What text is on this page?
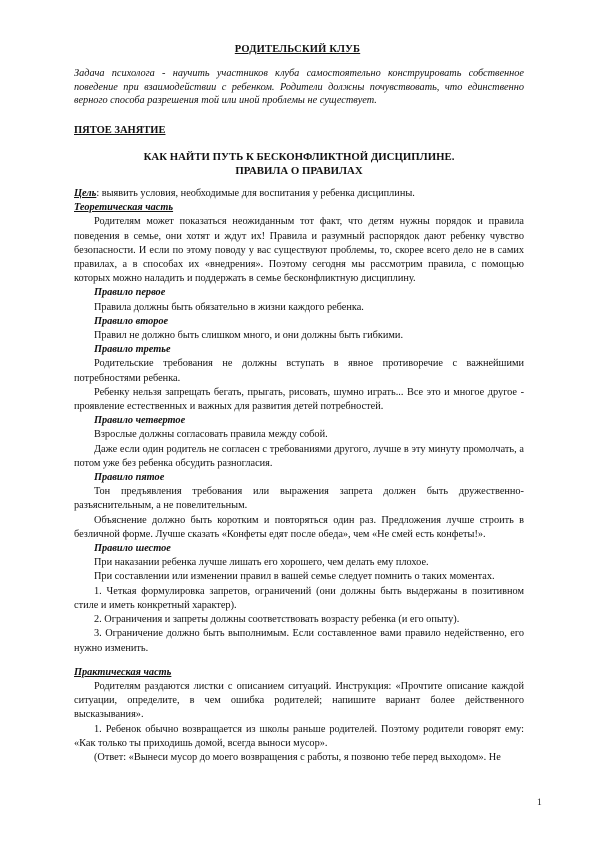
РОДИТЕЛЬСКИЙ КЛУБ
Задача психолога - научить участников клуба самостоятельно конструировать собственное поведение при взаимодействии с ребенком. Родители должны почувствовать, что единственно верного способа разрешения той или иной проблемы не существует.
ПЯТОЕ ЗАНЯТИЕ
КАК НАЙТИ ПУТЬ К БЕСКОНФЛИКТНОЙ ДИСЦИПЛИНЕ.
ПРАВИЛА О ПРАВИЛАХ

Цель: выявить условия, необходимые для воспитания у ребенка дисциплины.

Теоретическая часть

Родителям может показаться неожиданным тот факт, что детям нужны порядок и правила поведения в семье, они хотят и ждут их! Правила и разумный распорядок дают ребенку чувство безопасности. И если по этому поводу у вас существуют проблемы, то, скорее всего дело не в самих правилах, а в способах их «внедрения». Поэтому сегодня мы рассмотрим правила, с помощью которых можно наладить и поддержать в семье бесконфликтную дисциплину.

Правило первое

Правила должны быть обязательно в жизни каждого ребенка.

Правило второе

Правил не должно быть слишком много, и они должны быть гибкими.

Правило третье

Родительские требования не должны вступать в явное противоречие с важнейшими потребностями ребенка.

Ребенку нельзя запрещать бегать, прыгать, рисовать, шумно играть... Все это и многое другое - проявление естественных и важных для развития детей потребностей.

Правило четвертое

Взрослые должны согласовать правила между собой.

Даже если один родитель не согласен с требованиями другого, лучше в эту минуту промолчать, а потом уже без ребенка обсудить разногласия.

Правило пятое

Тон предъявления требования или выражения запрета должен быть дружественно-разъяснительным, а не повелительным.

Объяснение должно быть коротким и повторяться один раз. Предложения лучше строить в безличной форме. Лучше сказать «Конфеты едят после обеда», чем «Не смей есть конфеты!».

Правило шестое

При наказании ребенка лучше лишать его хорошего, чем делать ему плохое.

При составлении или изменении правил в вашей семье следует помнить о таких моментах.

1. Четкая формулировка запретов, ограничений (они должны быть выдержаны в позитивном стиле и иметь конкретный характер).

2. Ограничения и запреты должны соответствовать возрасту ребенка (и его опыту).

3. Ограничение должно быть выполнимым. Если составленное вами правило недейственно, его нужно изменить.

Практическая часть

Родителям раздаются листки с описанием ситуаций. Инструкция: «Прочтите описание каждой ситуации, определите, в чем ошибка родителей; напишите вариант более действенного высказывания».

1. Ребенок обычно возвращается из школы раньше родителей. Поэтому родители говорят ему: «Как только ты приходишь домой, всегда выноси мусор».

(Ответ: «Вынеси мусор до моего возвращения с работы, я позвоню тебе перед выходом». Не

1
